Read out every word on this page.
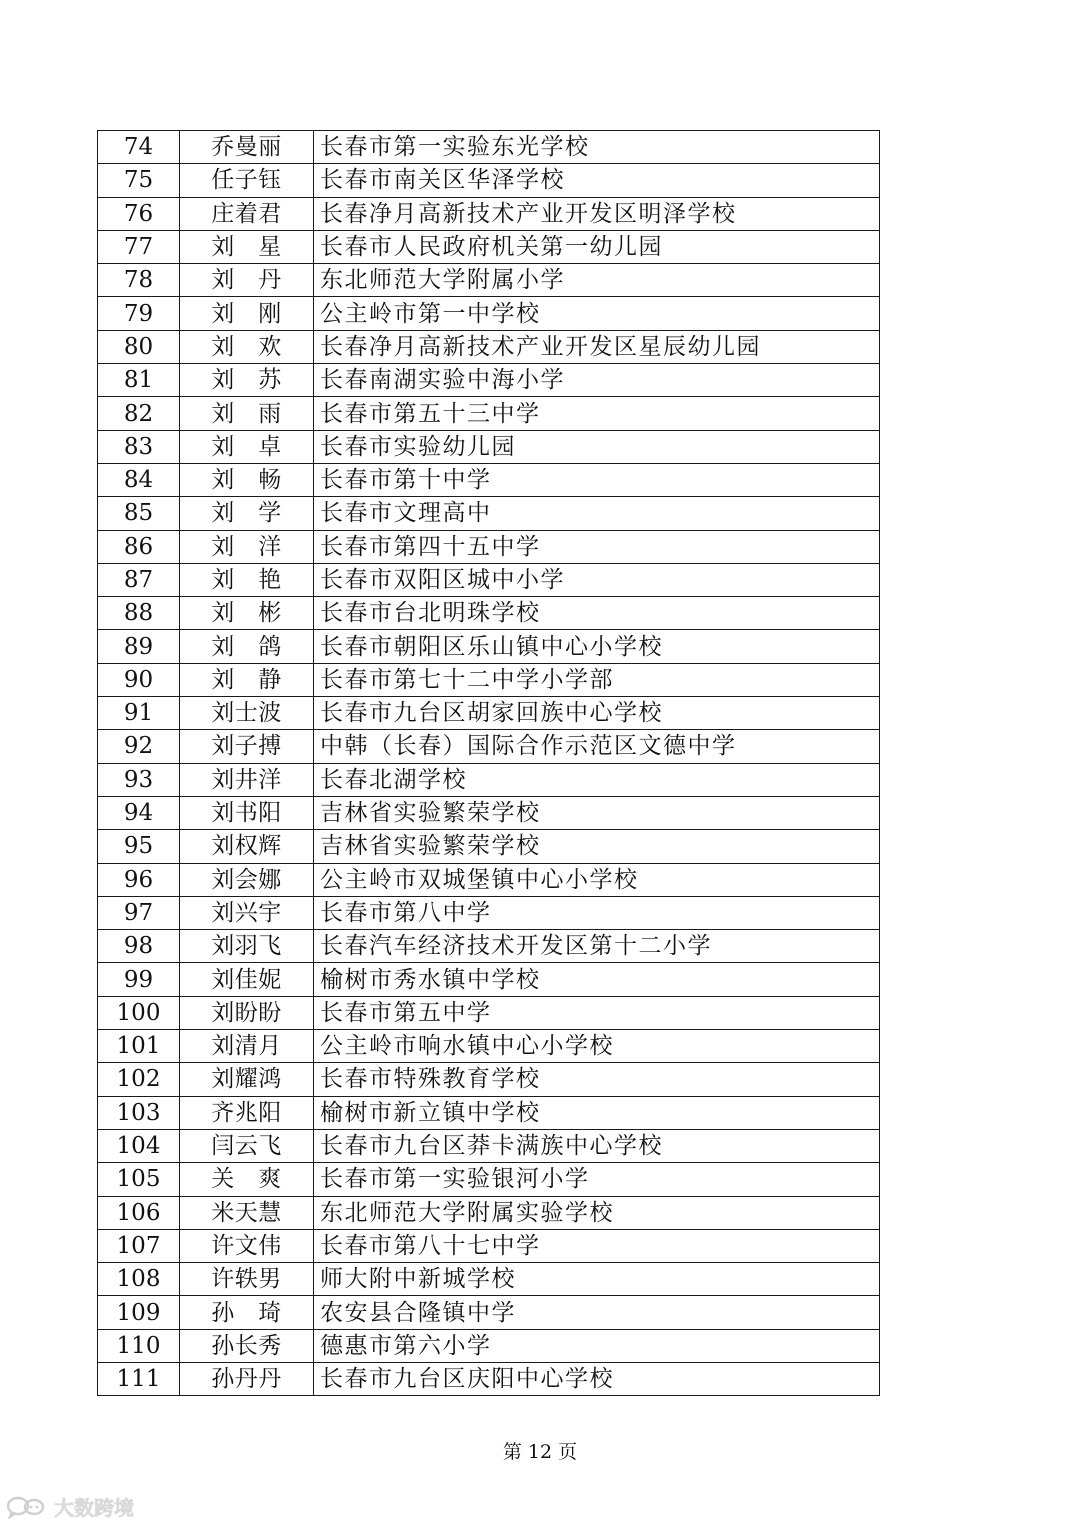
74	乔曼丽	长春市第一实验东光学校
75	任子钰	长春市南关区华泽学校
76	庄着君	长春净月高新技术产业开发区明泽学校
77	刘　星	长春市人民政府机关第一幼儿园
78	刘　丹	东北师范大学附属小学
79	刘　刚	公主岭市第一中学校
80	刘　欢	长春净月高新技术产业开发区星辰幼儿园
81	刘　苏	长春南湖实验中海小学
82	刘　雨	长春市第五十三中学
83	刘　卓	长春市实验幼儿园
84	刘　畅	长春市第十中学
85	刘　学	长春市文理高中
86	刘　洋	长春市第四十五中学
87	刘　艳	长春市双阳区城中小学
88	刘　彬	长春市台北明珠学校
89	刘　鸽	长春市朝阳区乐山镇中心小学校
90	刘　静	长春市第七十二中学小学部
91	刘士波	长春市九台区胡家回族中心学校
92	刘子搏	中韩（长春）国际合作示范区文德中学
93	刘井洋	长春北湖学校
94	刘书阳	吉林省实验繁荣学校
95	刘权辉	吉林省实验繁荣学校
96	刘会娜	公主岭市双城堡镇中心小学校
97	刘兴宇	长春市第八中学
98	刘羽飞	长春汽车经济技术开发区第十二小学
99	刘佳妮	榆树市秀水镇中学校
100	刘盼盼	长春市第五中学
101	刘清月	公主岭市响水镇中心小学校
102	刘耀鸿	长春市特殊教育学校
103	齐兆阳	榆树市新立镇中学校
104	闫云飞	长春市九台区莽卡满族中心学校
105	关　爽	长春市第一实验银河小学
106	米天慧	东北师范大学附属实验学校
107	许文伟	长春市第八十七中学
108	许轶男	师大附中新城学校
109	孙　琦	农安县合隆镇中学
110	孙长秀	德惠市第六小学
111	孙丹丹	长春市九台区庆阳中心学校
第 12 页
大数跨境
